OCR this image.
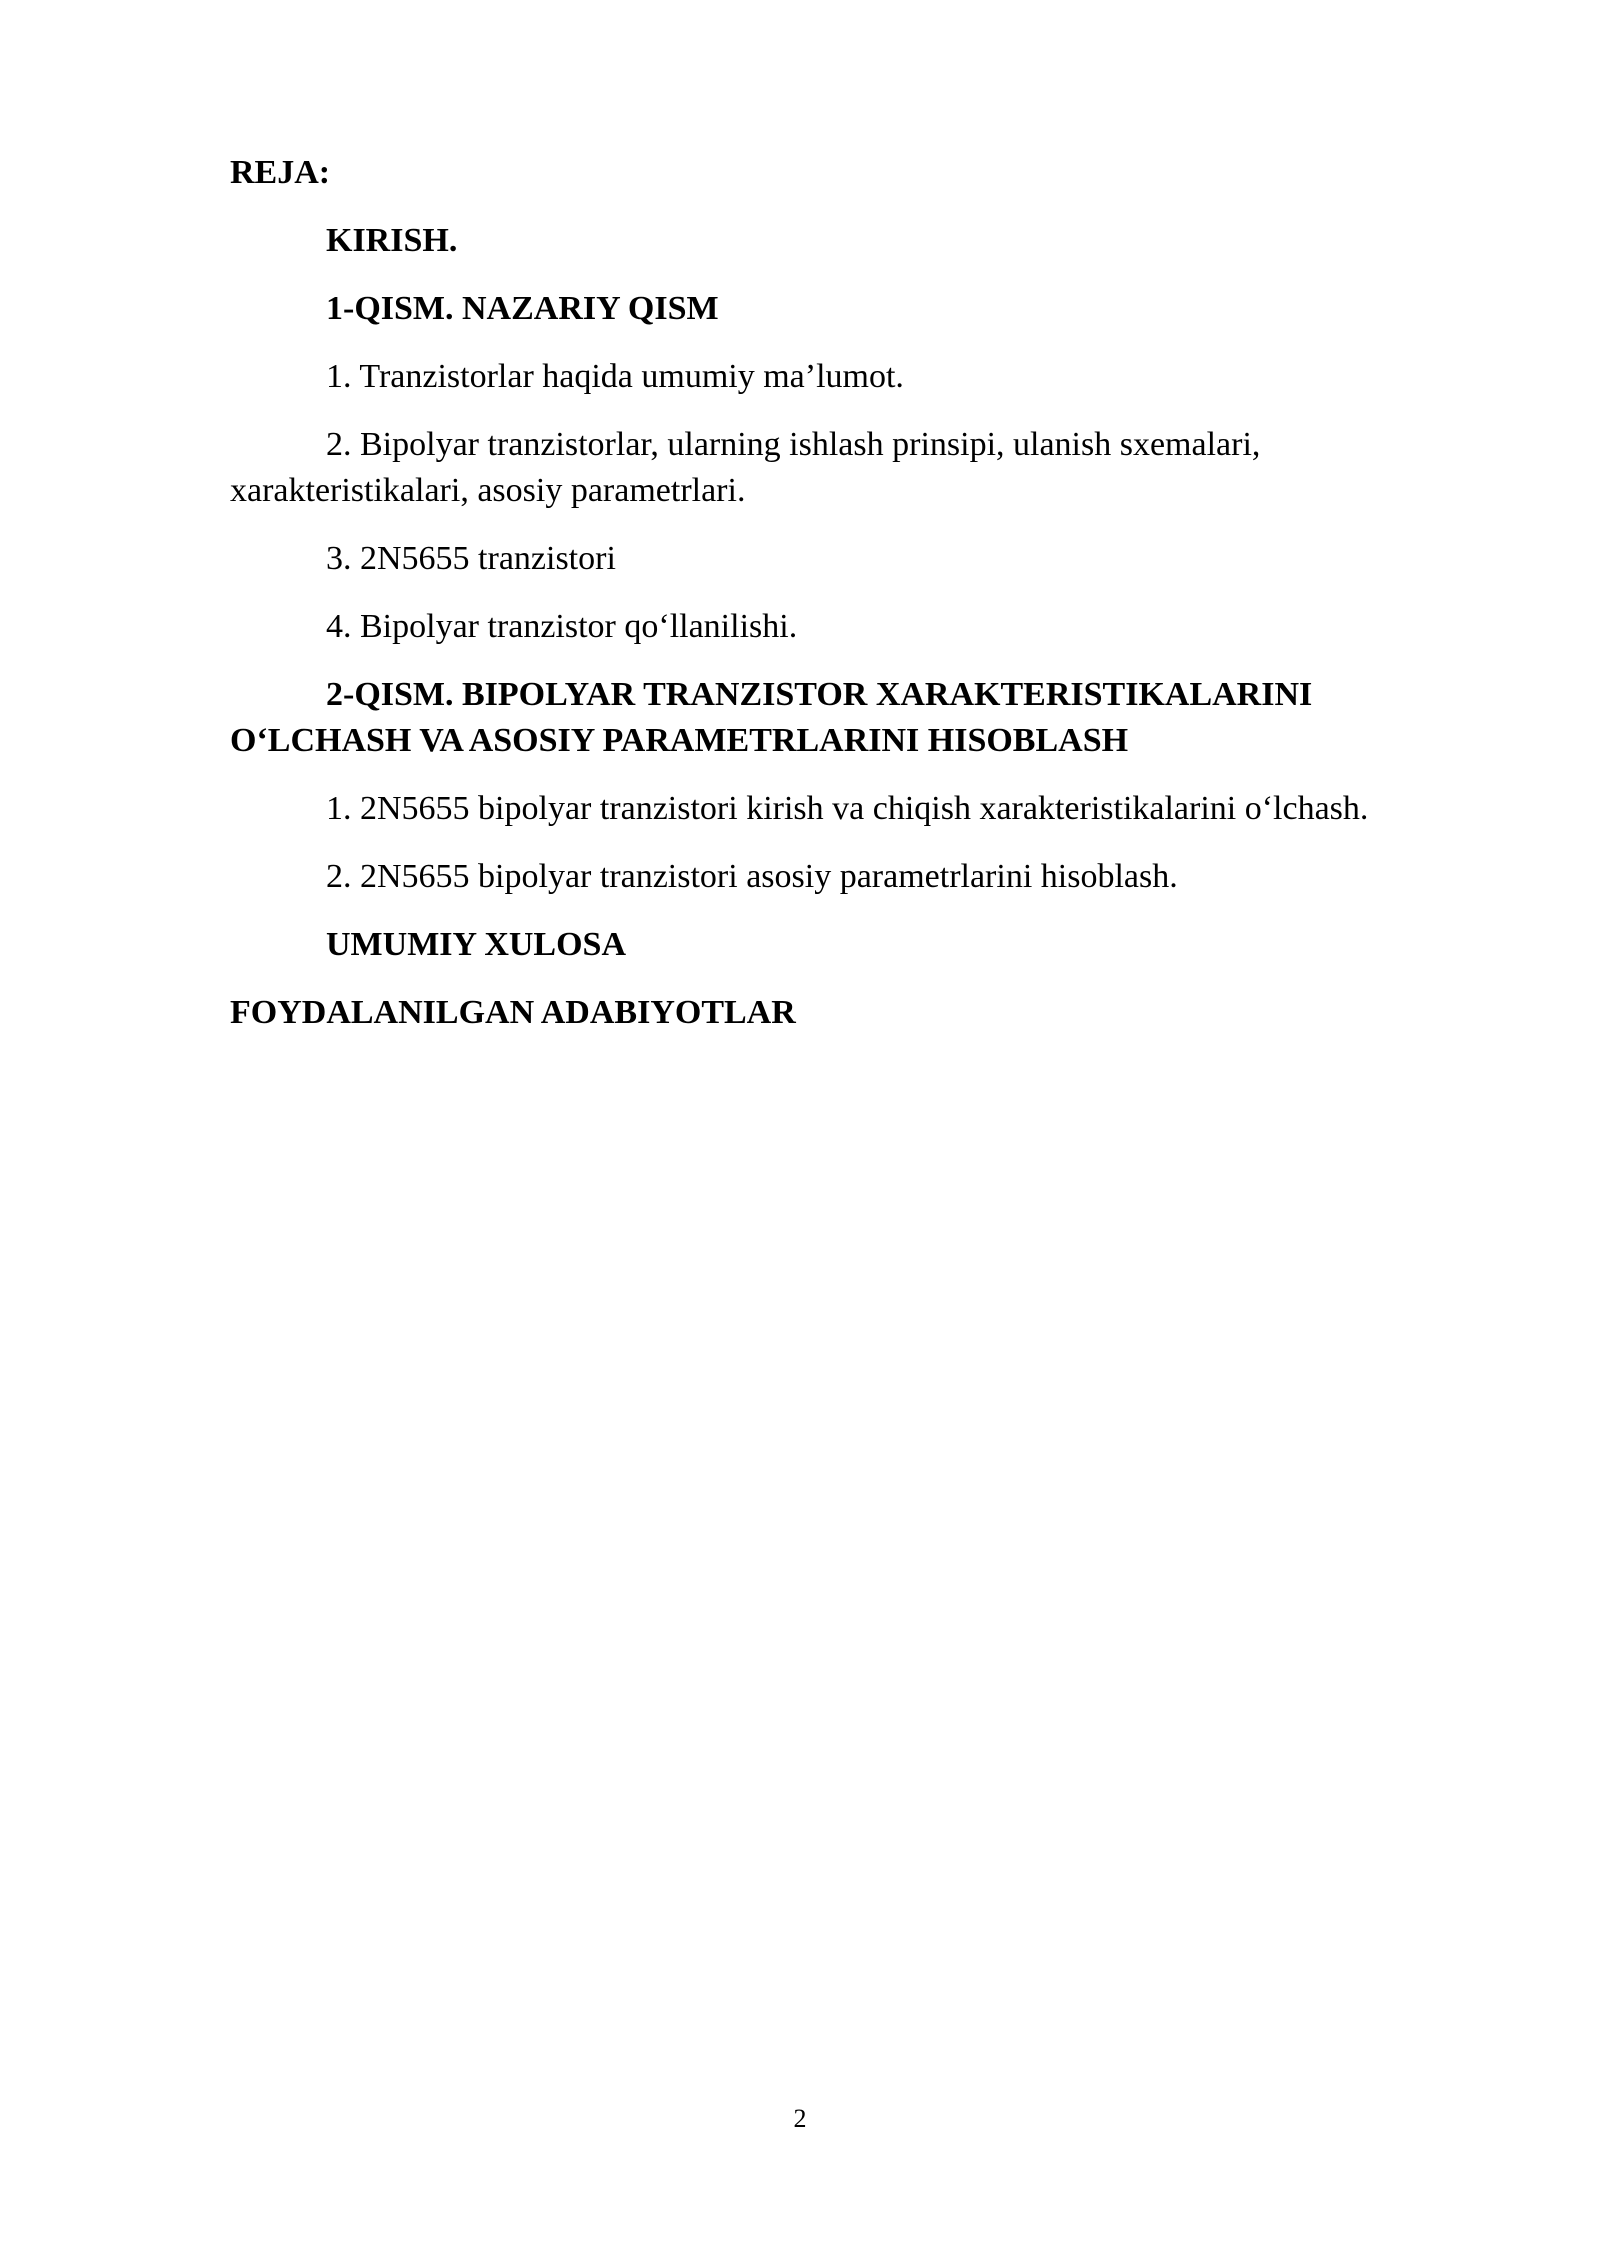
REJA:

KIRISH.

1-QISM. NAZARIY QISM

1. Tranzistorlar haqida umumiy ma’lumot.

2. Bipolyar tranzistorlar, ularning ishlash prinsipi, ulanish sxemalari, xarakteristikalari, asosiy parametrlari.

3. 2N5655 tranzistori

4. Bipolyar tranzistor qo‘llanilishi.

2-QISM. BIPOLYAR TRANZISTOR XARAKTERISTIKALARINI O‘LCHASH VA ASOSIY PARAMETRLARINI HISOBLASH

1. 2N5655 bipolyar tranzistori kirish va chiqish xarakteristikalarini o‘lchash.

2. 2N5655 bipolyar tranzistori asosiy parametrlarini hisoblash.

UMUMIY XULOSA

FOYDALANILGAN ADABIYOTLAR

2
